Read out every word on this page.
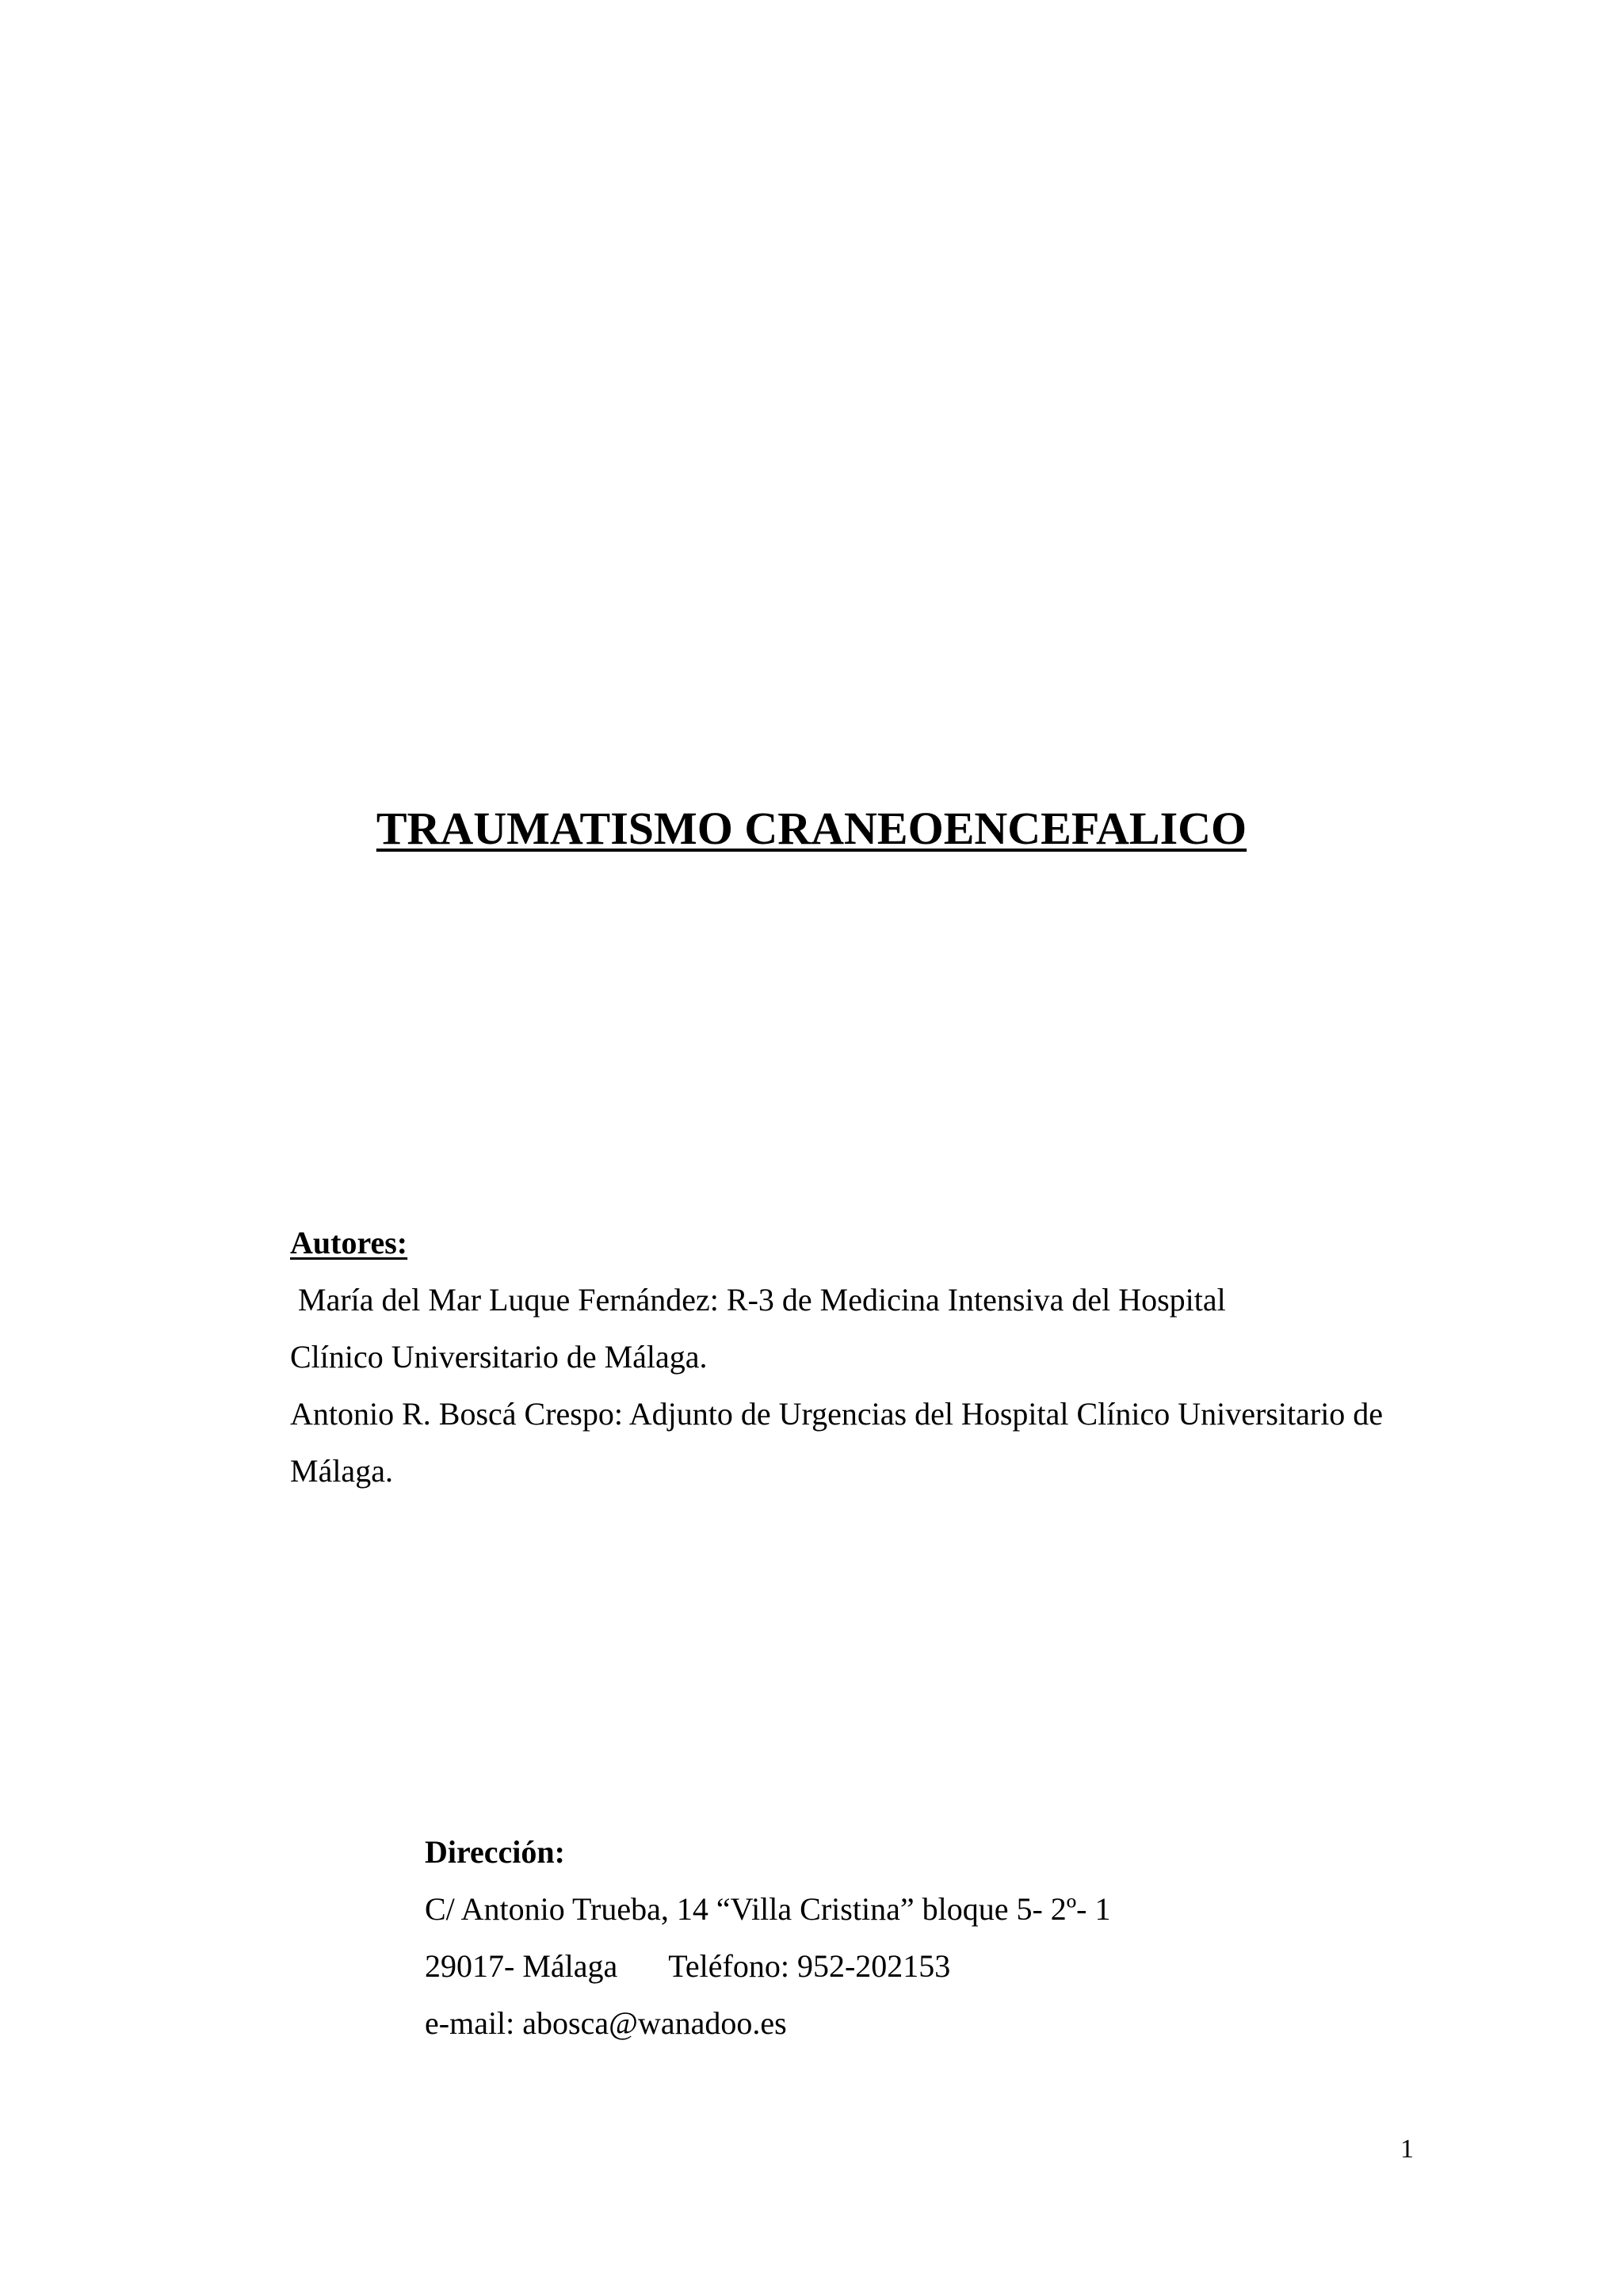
TRAUMATISMO CRANEOENCEFALICO
Autores:
María del Mar Luque Fernández: R-3 de Medicina Intensiva del Hospital
Clínico Universitario de Málaga.
Antonio R. Boscá Crespo: Adjunto de Urgencias del Hospital Clínico Universitario de
Málaga.
Dirección:
C/ Antonio Trueba, 14 “Villa Cristina” bloque 5- 2º- 1
29017- Málaga Teléfono: 952-202153
e-mail: abosca@wanadoo.es
1
